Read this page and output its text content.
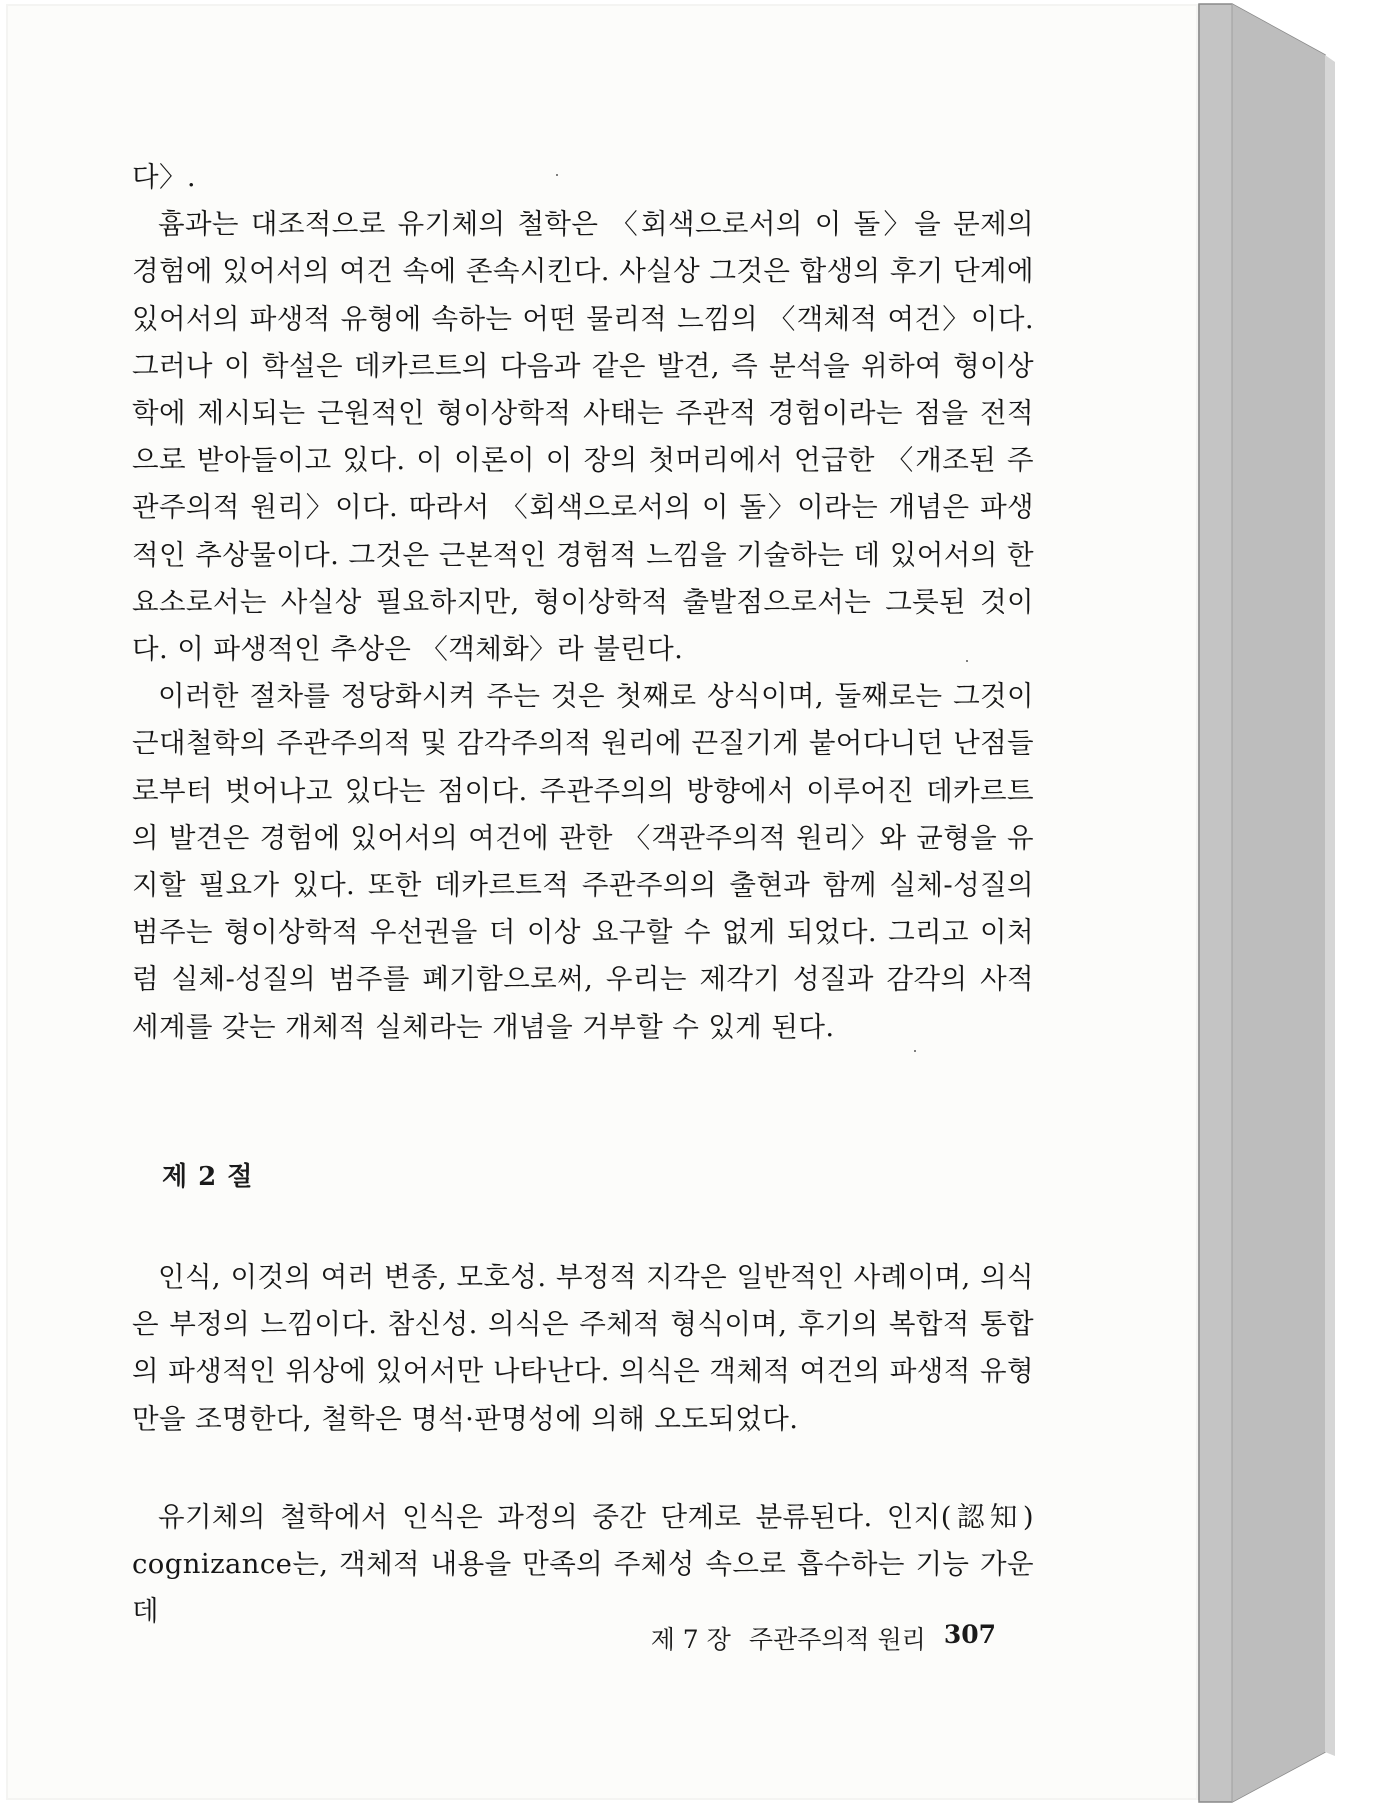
다〉.

흄과는 대조적으로 유기체의 철학은 〈회색으로서의 이 돌〉을 문제의 경험에 있어서의 여건 속에 존속시킨다. 사실상 그것은 합생의 후기 단계에 있어서의 파생적 유형에 속하는 어떤 물리적 느낌의 〈객체적 여건〉이다. 그러나 이 학설은 데카르트의 다음과 같은 발견, 즉 분석을 위하여 형이상학에 제시되는 근원적인 형이상학적 사태는 주관적 경험이라는 점을 전적으로 받아들이고 있다. 이 이론이 이 장의 첫머리에서 언급한 〈개조된 주관주의적 원리〉이다. 따라서 〈회색으로서의 이 돌〉이라는 개념은 파생적인 추상물이다. 그것은 근본적인 경험적 느낌을 기술하는 데 있어서의 한 요소로서는 사실상 필요하지만, 형이상학적 출발점으로서는 그릇된 것이다. 이 파생적인 추상은 〈객체화〉라 불린다.

이러한 절차를 정당화시켜 주는 것은 첫째로 상식이며, 둘째로는 그것이 근대철학의 주관주의적 및 감각주의적 원리에 끈질기게 붙어다니던 난점들로부터 벗어나고 있다는 점이다. 주관주의의 방향에서 이루어진 데카르트의 발견은 경험에 있어서의 여건에 관한 〈객관주의적 원리〉와 균형을 유지할 필요가 있다. 또한 데카르트적 주관주의의 출현과 함께 실체-성질의 범주는 형이상학적 우선권을 더 이상 요구할 수 없게 되었다. 그리고 이처럼 실체-성질의 범주를 폐기함으로써, 우리는 제각기 성질과 감각의 사적 세계를 갖는 개체적 실체라는 개념을 거부할 수 있게 된다.

제 2 절

인식, 이것의 여러 변종, 모호성. 부정적 지각은 일반적인 사례이며, 의식은 부정의 느낌이다. 참신성. 의식은 주체적 형식이며, 후기의 복합적 통합의 파생적인 위상에 있어서만 나타난다. 의식은 객체적 여건의 파생적 유형만을 조명한다, 철학은 명석·판명성에 의해 오도되었다.

유기체의 철학에서 인식은 과정의 중간 단계로 분류된다. 인지(認知) cognizance는, 객체적 내용을 만족의 주체성 속으로 흡수하는 기능 가운데

제 7 장 주관주의적 원리 307
